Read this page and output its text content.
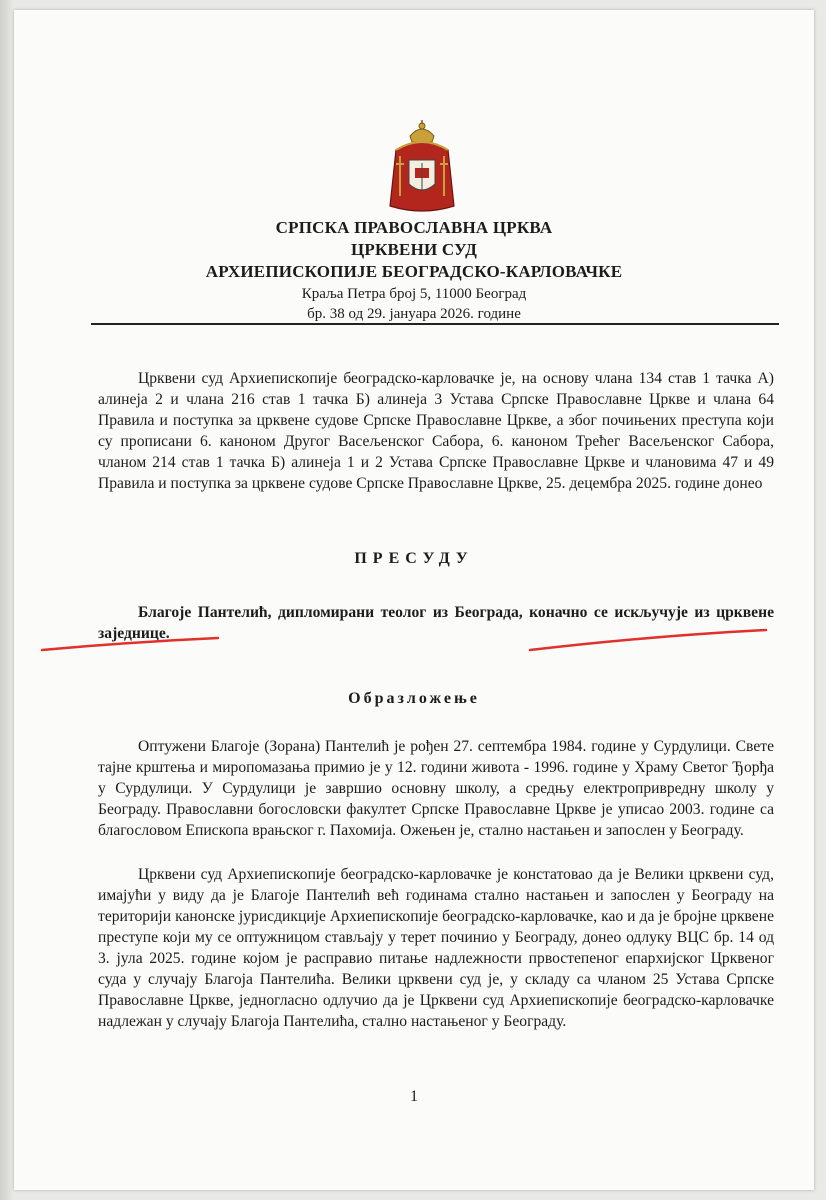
СРПСКА ПРАВОСЛАВНА ЦРКВА
ЦРКВЕНИ СУД
АРХИЕПИСКОПИЈЕ БЕОГРАДСКО-КАРЛОВАЧКЕ
Краља Петра број 5, 11000 Београд
бр. 38 од 29. јануара 2026. године
Црквени суд Архиепископије београдско-карловачке је, на основу члана 134 став 1 тачка А) алинеја 2 и члана 216 став 1 тачка Б) алинеја 3 Устава Српске Православне Цркве и члана 64 Правила и поступка за црквене судове Српске Православне Цркве, а због почињених преступа који су прописани 6. каноном Другог Васељенског Сабора, 6. каноном Трећег Васељенског Сабора, чланом 214 став 1 тачка Б) алинеја 1 и 2 Устава Српске Православне Цркве и члановима 47 и 49 Правила и поступка за црквене судове Српске Православне Цркве, 25. децембра 2025. године донео
ПРЕСУДУ
Благоје Пантелић, дипломирани теолог из Београда, коначно се искључује из црквене заједнице.
Образложење
Оптужени Благоје (Зорана) Пантелић је рођен 27. септембра 1984. године у Сурдулици. Свете тајне крштења и миропомазања примио је у 12. години живота - 1996. године у Храму Светог Ђорђа у Сурдулици. У Сурдулици је завршио основну школу, а средњу електропривредну школу у Београду. Православни богословски факултет Српске Православне Цркве је уписао 2003. године са благословом Епископа врањског г. Пахомија. Ожењен је, стално настањен и запослен у Београду.
Црквени суд Архиепископије београдско-карловачке је констатовао да је Велики црквени суд, имајући у виду да је Благоје Пантелић већ годинама стално настањен и запослен у Београду на територији канонске јурисдикције Архиепископије београдско-карловачке, као и да је бројне црквене преступе који му се оптужницом стављају у терет починио у Београду, донео одлуку ВЦС бр. 14 од 3. јула 2025. године којом је расправио питање надлежности првостепеног епархијског Црквеног суда у случају Благоја Пантелића. Велики црквени суд је, у складу са чланом 25 Устава Српске Православне Цркве, једногласно одлучио да је Црквени суд Архиепископије београдско-карловачке надлежан у случају Благоја Пантелића, стално настањеног у Београду.
1
